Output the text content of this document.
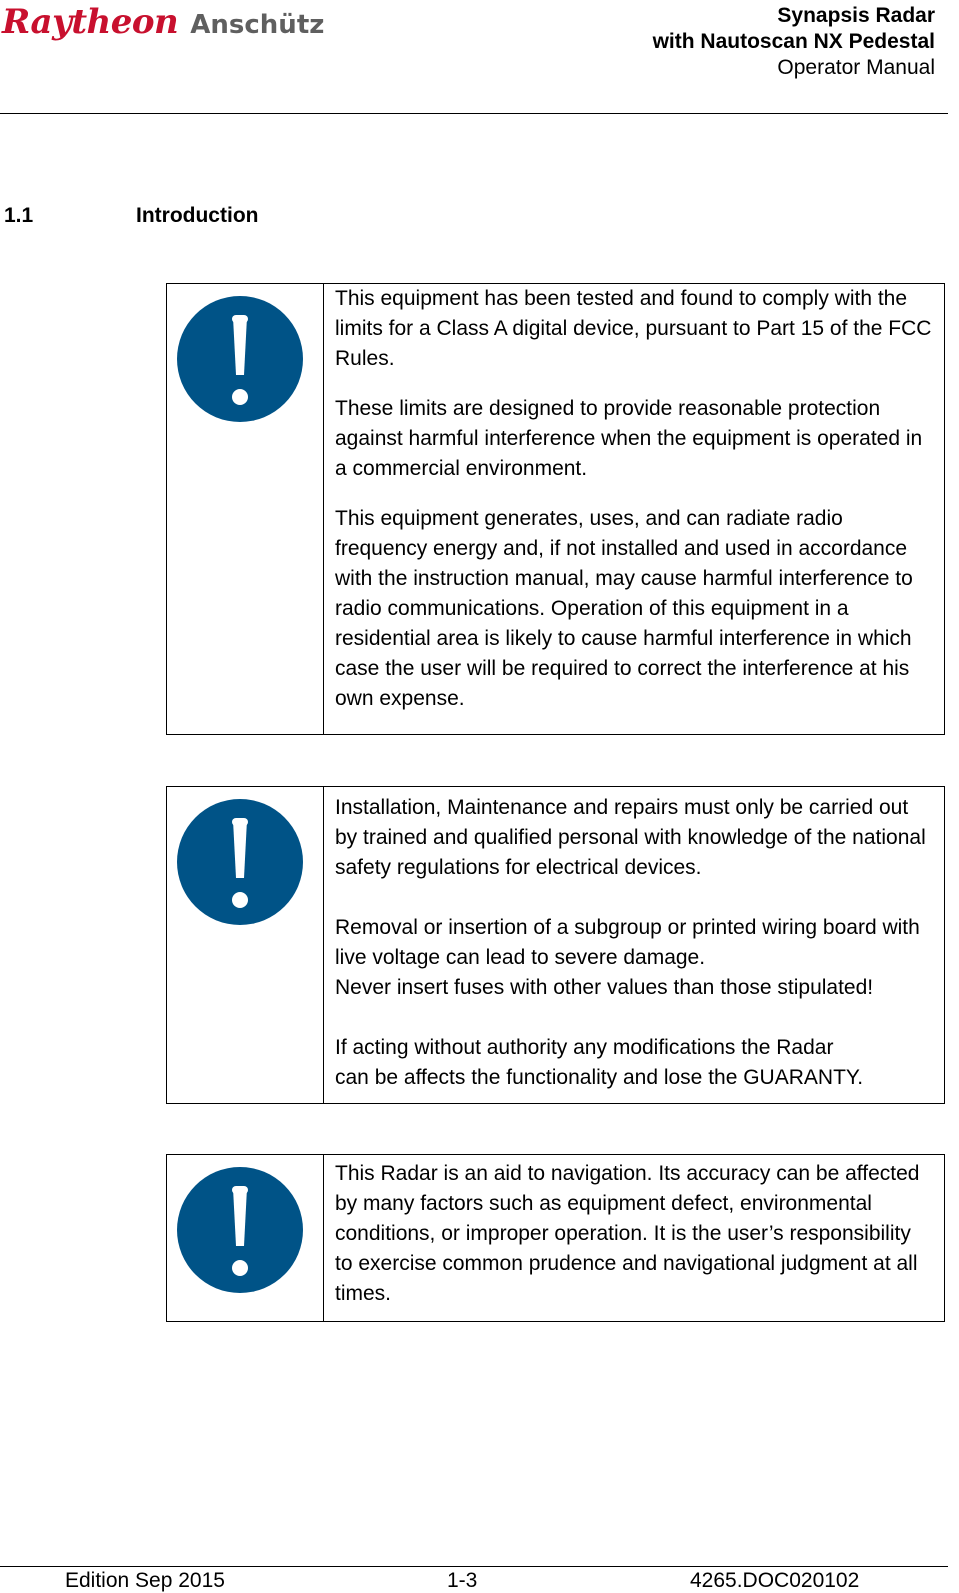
Raytheon Anschütz	Synapsis Radar
with Nautoscan NX Pedestal
Operator Manual
1.1	Introduction

This equipment has been tested and found to comply with the limits for a Class A digital device, pursuant to Part 15 of the FCC Rules.

These limits are designed to provide reasonable protection against harmful interference when the equipment is operated in a commercial environment.

This equipment generates, uses, and can radiate radio frequency energy and, if not installed and used in accordance with the instruction manual, may cause harmful interference to radio communications. Operation of this equipment in a residential area is likely to cause harmful interference in which case the user will be required to correct the interference at his own expense.

Installation, Maintenance and repairs must only be carried out by trained and qualified personal with knowledge of the national safety regulations for electrical devices.

Removal or insertion of a subgroup or printed wiring board with live voltage can lead to severe damage.
Never insert fuses with other values than those stipulated!

If acting without authority any modifications the Radar
can be affects the functionality and lose the GUARANTY.

This Radar is an aid to navigation. Its accuracy can be affected by many factors such as equipment defect, environmental conditions, or improper operation. It is the user’s responsibility to exercise common prudence and navigational judgment at all times.

Edition Sep 2015	1-3	4265.DOC020102
